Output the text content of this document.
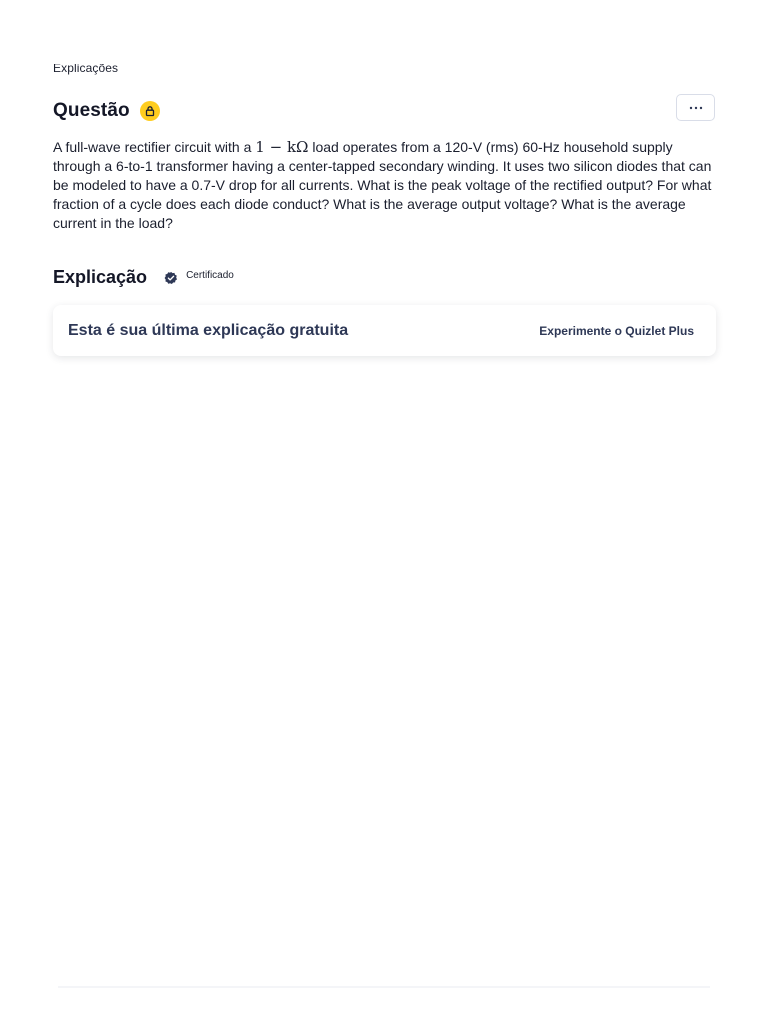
Explicações
Questão
A full-wave rectifier circuit with a 1 − kΩ load operates from a 120-V (rms) 60-Hz household supply through a 6-to-1 transformer having a center-tapped secondary winding. It uses two silicon diodes that can be modeled to have a 0.7-V drop for all currents. What is the peak voltage of the rectified output? For what fraction of a cycle does each diode conduct? What is the average output voltage? What is the average current in the load?
Explicação	Certificado
Esta é sua última explicação gratuita	Experimente o Quizlet Plus
